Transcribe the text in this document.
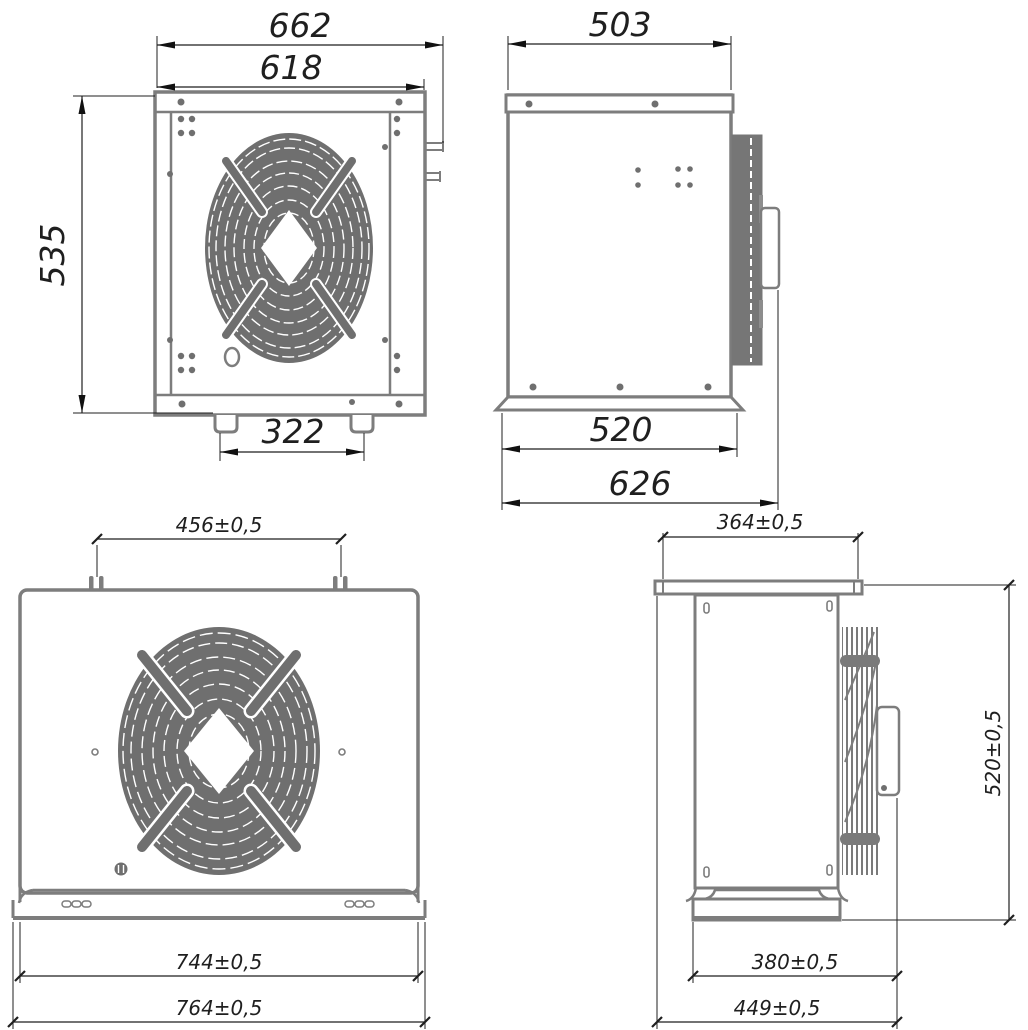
662
618
535
322
503
520
626
456±0,5
744±0,5
764±0,5
364±0,5
520±0,5
380±0,5
449±0,5
